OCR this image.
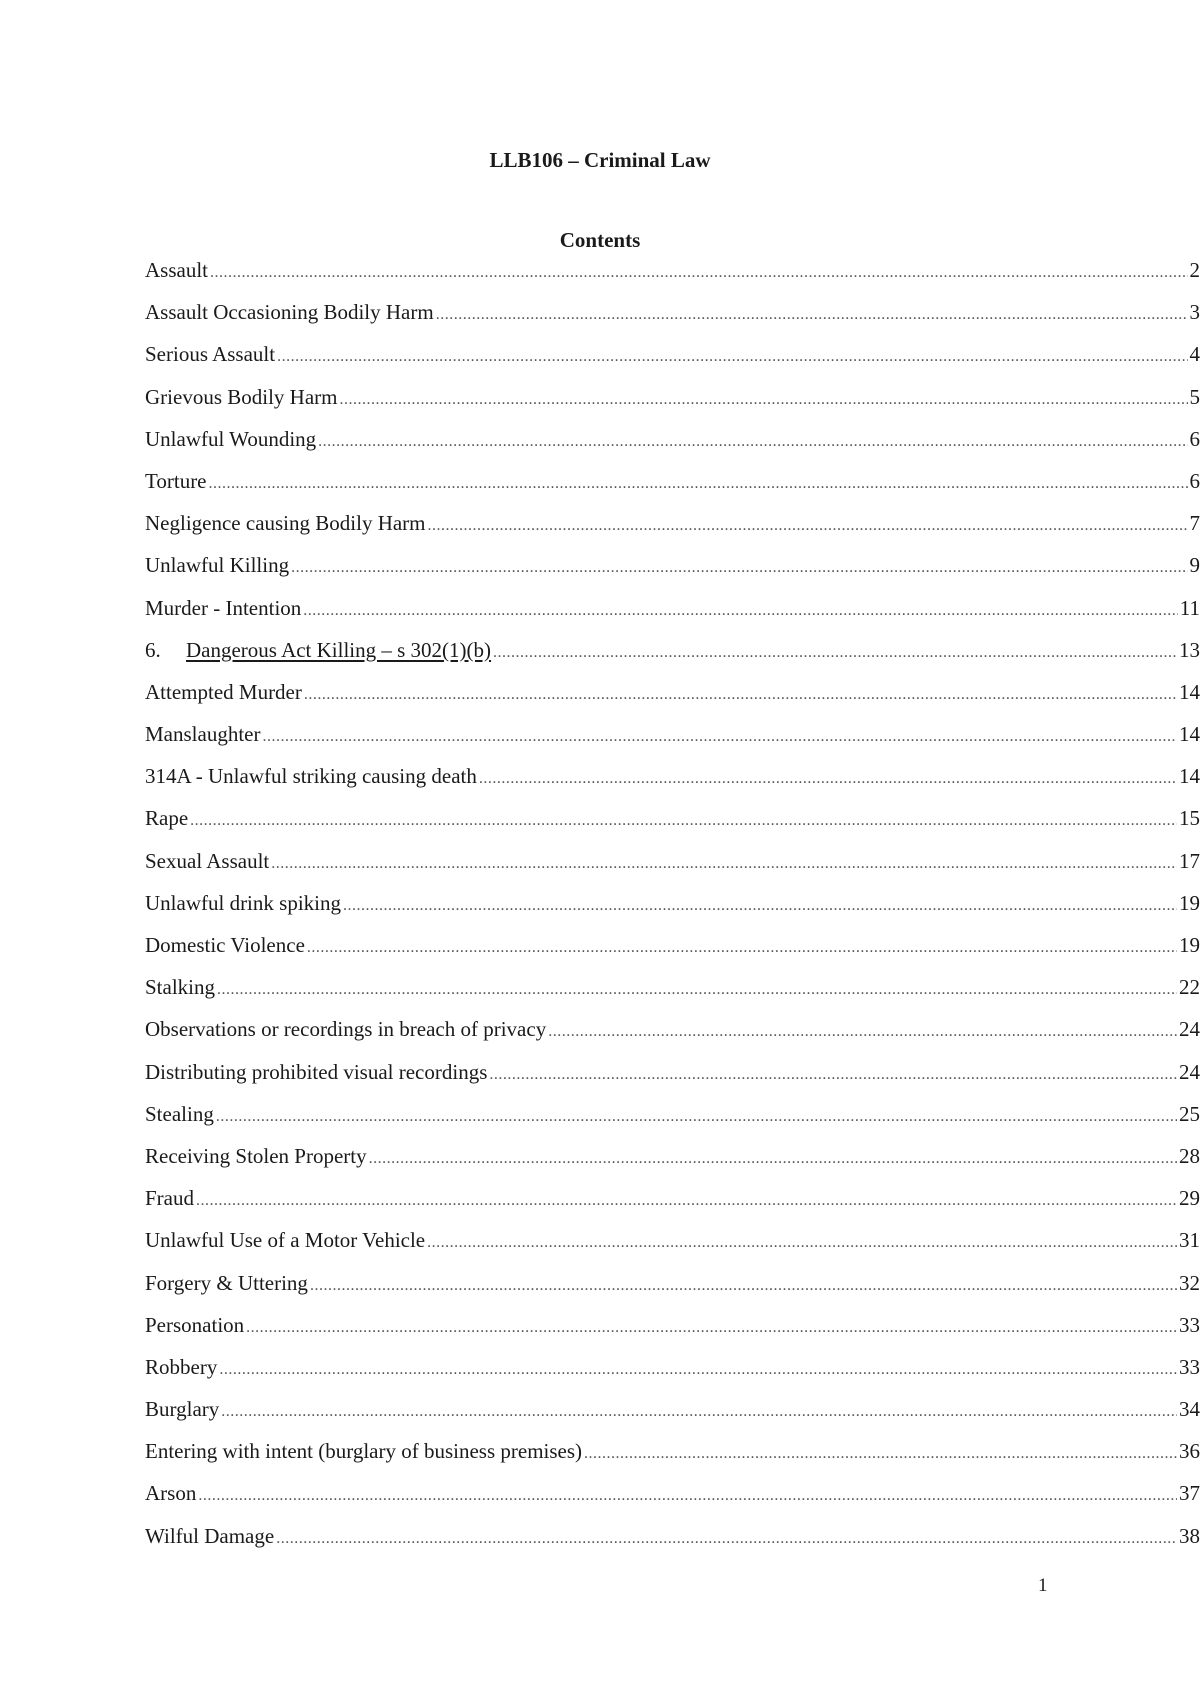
LLB106 – Criminal Law
Contents
Assault .....	2
Assault Occasioning Bodily Harm .....	3
Serious Assault .....	4
Grievous Bodily Harm .....	5
Unlawful Wounding .....	6
Torture .....	6
Negligence causing Bodily Harm .....	7
Unlawful Killing .....	9
Murder - Intention .....	11
6.	Dangerous Act Killing – s 302(1)(b) .....	13
Attempted Murder .....	14
Manslaughter .....	14
314A - Unlawful striking causing death .....	14
Rape .....	15
Sexual Assault .....	17
Unlawful drink spiking .....	19
Domestic Violence .....	19
Stalking .....	22
Observations or recordings in breach of privacy .....	24
Distributing prohibited visual recordings .....	24
Stealing .....	25
Receiving Stolen Property .....	28
Fraud .....	29
Unlawful Use of a Motor Vehicle .....	31
Forgery & Uttering .....	32
Personation .....	33
Robbery .....	33
Burglary .....	34
Entering with intent (burglary of business premises) .....	36
Arson .....	37
Wilful Damage .....	38
1
